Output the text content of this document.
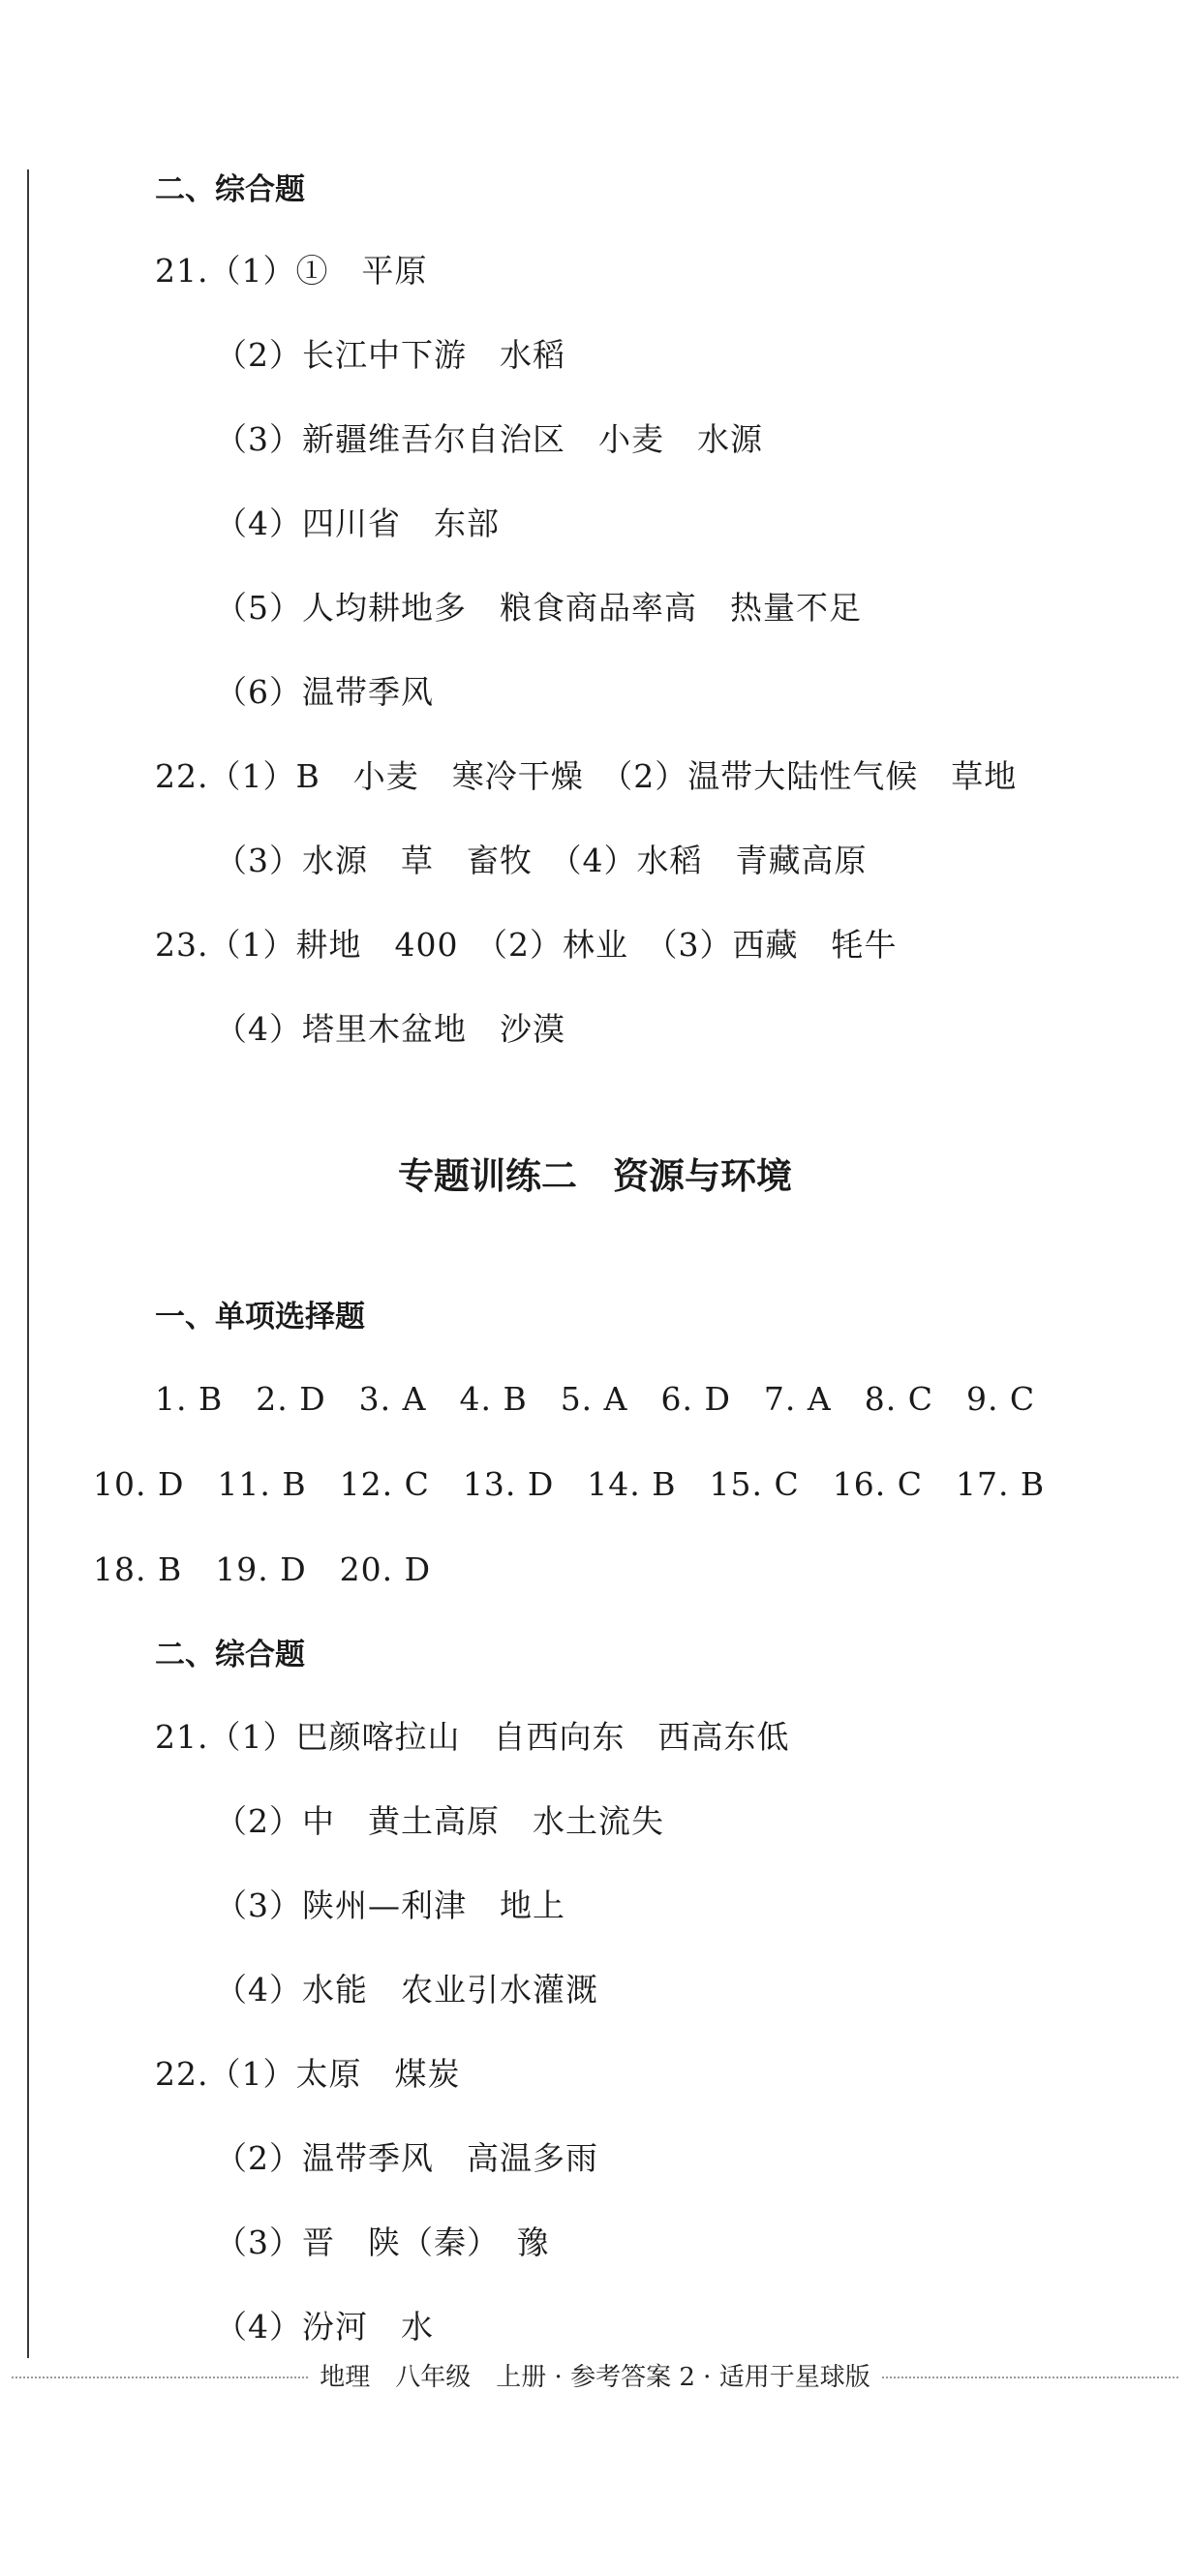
二、综合题
21.（1）①　平原
（2）长江中下游　水稻
（3）新疆维吾尔自治区　小麦　水源
（4）四川省　东部
（5）人均耕地多　粮食商品率高　热量不足
（6）温带季风
22.（1）B　小麦　寒冷干燥　（2）温带大陆性气候　草地
（3）水源　草　畜牧　（4）水稻　青藏高原
23.（1）耕地　400　（2）林业　（3）西藏　牦牛
（4）塔里木盆地　沙漠
专题训练二　资源与环境
一、单项选择题
1. B　2. D　3. A　4. B　5. A　6. D　7. A　8. C　9. C
10. D　11. B　12. C　13. D　14. B　15. C　16. C　17. B
18. B　19. D　20. D
二、综合题
21.（1）巴颜喀拉山　自西向东　西高东低
（2）中　黄土高原　水土流失
（3）陕州—利津　地上
（4）水能　农业引水灌溉
22.（1）太原　煤炭
（2）温带季风　高温多雨
（3）晋　陕（秦）　豫
（4）汾河　水
地理　八年级　上册 · 参考答案 2 · 适用于星球版
